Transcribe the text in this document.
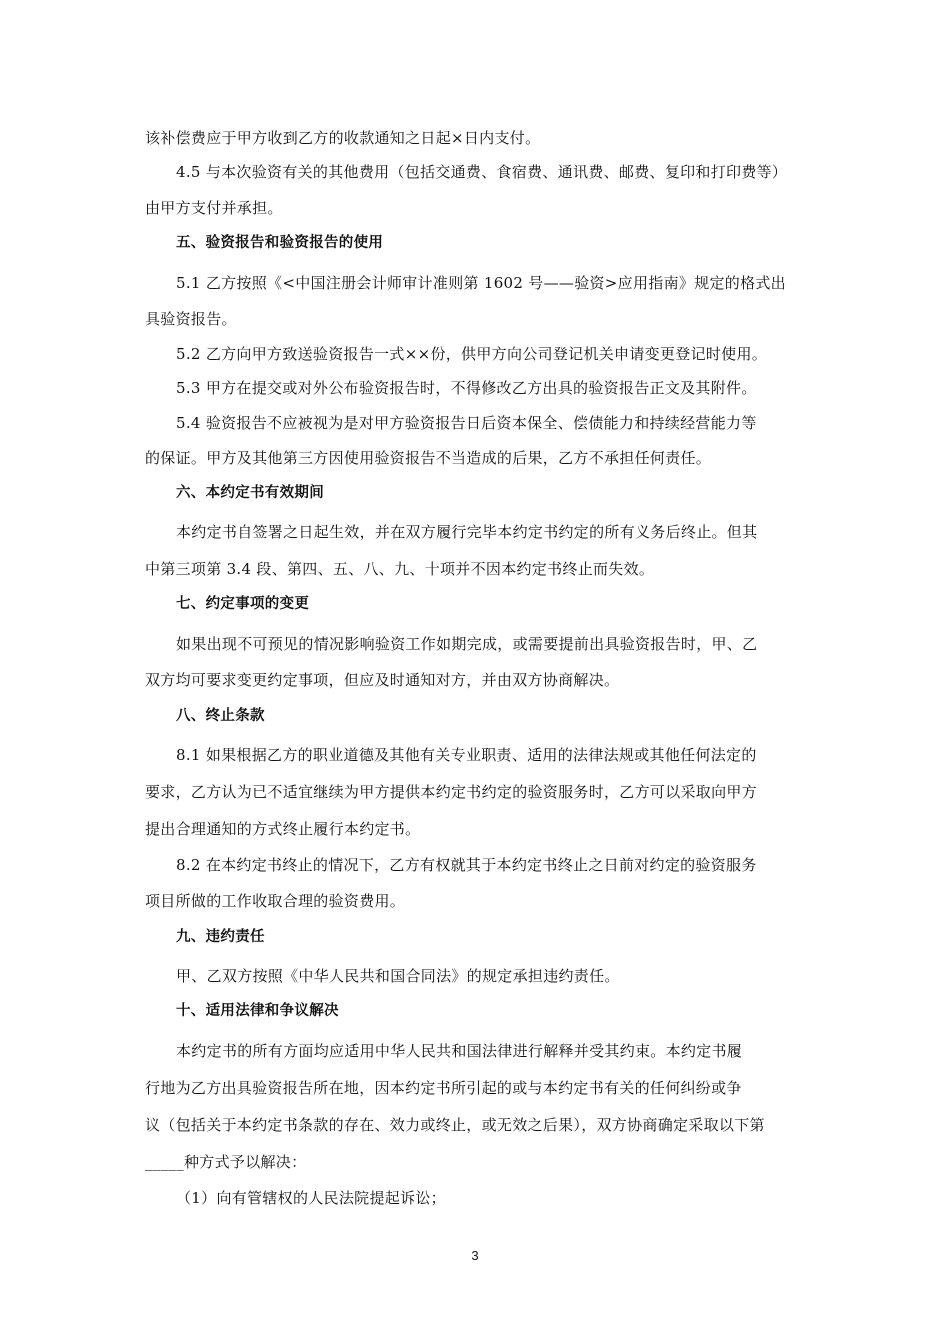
该补偿费应于甲方收到乙方的收款通知之日起×日内支付。
4.5 与本次验资有关的其他费用（包括交通费、食宿费、通讯费、邮费、复印和打印费等）
由甲方支付并承担。
五、验资报告和验资报告的使用
5.1 乙方按照《<中国注册会计师审计准则第 1602 号——验资>应用指南》规定的格式出
具验资报告。
5.2 乙方向甲方致送验资报告一式××份，供甲方向公司登记机关申请变更登记时使用。
5.3 甲方在提交或对外公布验资报告时，不得修改乙方出具的验资报告正文及其附件。
5.4 验资报告不应被视为是对甲方验资报告日后资本保全、偿债能力和持续经营能力等
的保证。甲方及其他第三方因使用验资报告不当造成的后果，乙方不承担任何责任。
六、本约定书有效期间
本约定书自签署之日起生效，并在双方履行完毕本约定书约定的所有义务后终止。但其
中第三项第 3.4 段、第四、五、八、九、十项并不因本约定书终止而失效。
七、约定事项的变更
如果出现不可预见的情况影响验资工作如期完成，或需要提前出具验资报告时，甲、乙
双方均可要求变更约定事项，但应及时通知对方，并由双方协商解决。
八、终止条款
8.1 如果根据乙方的职业道德及其他有关专业职责、适用的法律法规或其他任何法定的
要求，乙方认为已不适宜继续为甲方提供本约定书约定的验资服务时，乙方可以采取向甲方
提出合理通知的方式终止履行本约定书。
8.2 在本约定书终止的情况下，乙方有权就其于本约定书终止之日前对约定的验资服务
项目所做的工作收取合理的验资费用。
九、违约责任
甲、乙双方按照《中华人民共和国合同法》的规定承担违约责任。
十、适用法律和争议解决
本约定书的所有方面均应适用中华人民共和国法律进行解释并受其约束。本约定书履
行地为乙方出具验资报告所在地，因本约定书所引起的或与本约定书有关的任何纠纷或争
议（包括关于本约定书条款的存在、效力或终止，或无效之后果），双方协商确定采取以下第
_____种方式予以解决：
（1）向有管辖权的人民法院提起诉讼；
3
